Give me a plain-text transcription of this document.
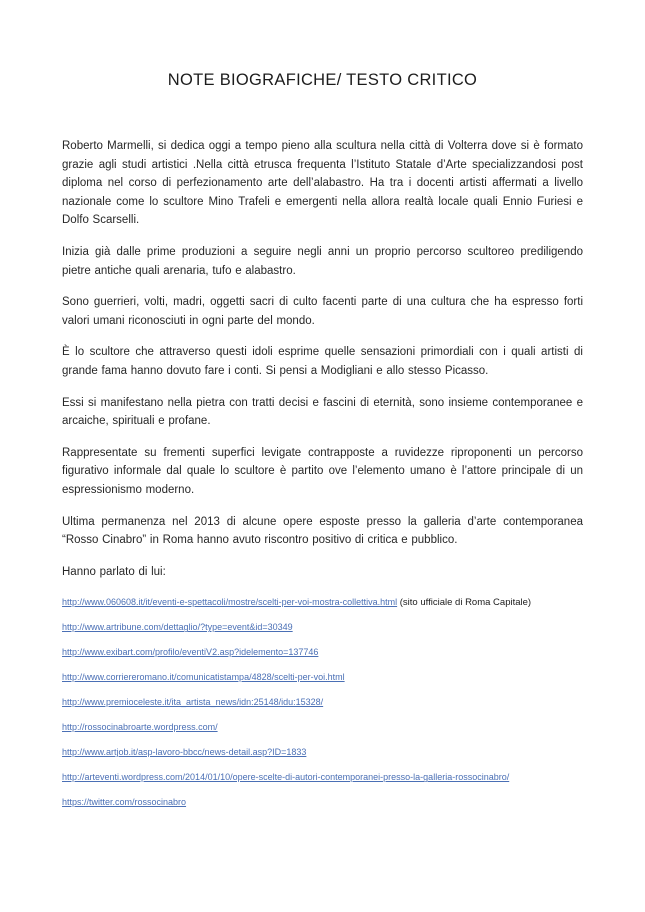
NOTE BIOGRAFICHE/ TESTO CRITICO

Roberto Marmelli, si dedica oggi a tempo pieno alla scultura nella città di Volterra dove si è formato grazie agli studi artistici .Nella città etrusca frequenta l’Istituto Statale d’Arte specializzandosi post diploma nel corso di perfezionamento arte dell’alabastro. Ha tra i docenti artisti affermati a livello nazionale come lo scultore Mino Trafeli e emergenti nella allora realtà locale quali Ennio Furiesi e Dolfo Scarselli.

Inizia già dalle prime produzioni a seguire negli anni un proprio percorso scultoreo prediligendo pietre antiche quali arenaria, tufo e alabastro.

Sono guerrieri, volti, madri, oggetti sacri di culto facenti parte di una cultura che ha espresso forti valori umani riconosciuti in ogni parte del mondo.

È lo scultore che attraverso questi idoli esprime quelle sensazioni primordiali con i quali artisti di grande fama hanno dovuto fare i conti. Si pensi a Modigliani e allo stesso Picasso.

Essi si manifestano nella pietra con tratti decisi e fascini di eternità, sono insieme contemporanee e arcaiche, spirituali e profane.

Rappresentate su frementi superfici levigate contrapposte a ruvidezze riproponenti un percorso figurativo informale dal quale lo scultore è partito ove l’elemento umano è l’attore principale di un espressionismo moderno.

Ultima permanenza nel 2013 di alcune opere esposte presso la galleria d’arte contemporanea “Rosso Cinabro” in Roma hanno avuto riscontro positivo di critica e pubblico.

Hanno parlato di lui:

http://www.060608.it/it/eventi-e-spettacoli/mostre/scelti-per-voi-mostra-collettiva.html (sito ufficiale di Roma Capitale)

http://www.artribune.com/dettaglio/?type=event&id=30349

http://www.exibart.com/profilo/eventiV2.asp?idelemento=137746

http://www.corriereromano.it/comunicatistampa/4828/scelti-per-voi.html

http://www.premioceleste.it/ita_artista_news/idn:25148/idu:15328/

http://rossocinabroarte.wordpress.com/

http://www.artjob.it/asp-lavoro-bbcc/news-detail.asp?ID=1833

http://arteventi.wordpress.com/2014/01/10/opere-scelte-di-autori-contemporanei-presso-la-galleria-rossocinabro/

https://twitter.com/rossocinabro
